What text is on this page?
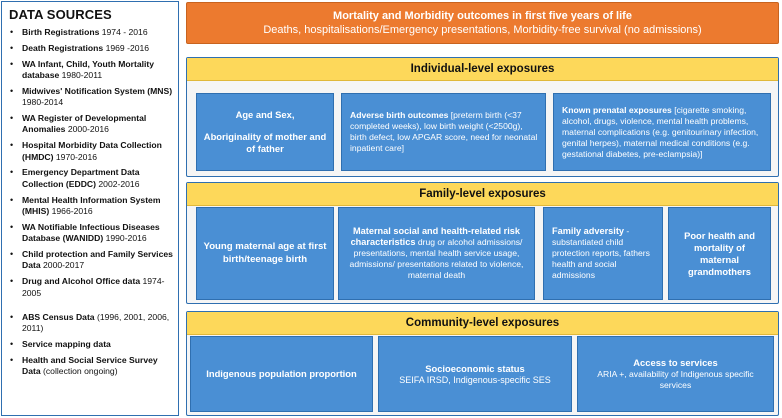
DATA SOURCES
• Birth Registrations 1974 - 2016
• Death Registrations 1969 -2016
• WA Infant, Child, Youth Mortality database 1980-2011
• Midwives' Notification System (MNS) 1980-2014
• WA Register of Developmental Anomalies 2000-2016
• Hospital Morbidity Data Collection (HMDC) 1970-2016
• Emergency Department Data Collection (EDDC) 2002-2016
• Mental Health Information System (MHIS) 1966-2016
• WA Notifiable Infectious Diseases Database (WANIDD) 1990-2016
• Child protection and Family Services Data 2000-2017
• Drug and Alcohol Office data 1974-2005
• ABS Census Data (1996, 2001, 2006, 2011)
• Service mapping data
• Health and Social Service Survey Data (collection ongoing)
Mortality and Morbidity outcomes in first five years of life
Deaths, hospitalisations/Emergency presentations, Morbidity-free survival (no admissions)
Individual-level exposures
Age and Sex,
Aboriginality of mother and of father
Adverse birth outcomes [preterm birth (<37 completed weeks), low birth weight (<2500g), birth defect, low APGAR score, need for neonatal inpatient care]
Known prenatal exposures [cigarette smoking, alcohol, drugs, violence, mental health problems, maternal complications (e.g. genitourinary infection, genital herpes), maternal medical conditions (e.g. gestational diabetes, pre-eclampsia)]
Family-level exposures
Young maternal age at first birth/teenage birth
Maternal social and health-related risk characteristics drug or alcohol admissions/ presentations, mental health service usage, admissions/ presentations related to violence, maternal death
Family adversity - substantiated child protection reports, fathers health and social admissions
Poor health and mortality of maternal grandmothers
Community-level exposures
Indigenous population proportion	Socioeconomic status
SEIFA IRSD, Indigenous-specific SES
Access to services
ARIA +, availability of Indigenous specific services
